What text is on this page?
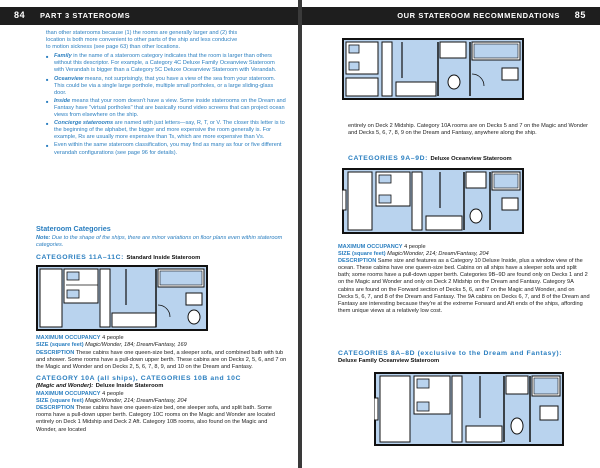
84 PART 3 STATEROOMS

than other staterooms because (1) the rooms are generally larger and (2) this

location is both more convenient to other parts of the ship and less conducive

to motion sickness (see page 63) than other locations.

■ Family in the name of a stateroom category indicates that the room is larger than others without this descriptor. For example, a Category 4C Deluxe Family Oceanview Stateroom with Verandah is bigger than a Category 5C Deluxe Oceanview Stateroom with Verandah.
■ Oceanview means, not surprisingly, that you have a view of the sea from your stateroom. This could be via a single large porthole, multiple small portholes, or a large sliding-glass door.
■ Inside means that your room doesn't have a view. Some inside staterooms on the Dream and Fantasy have "virtual portholes" that are basically round video screens that can project ocean views from elsewhere on the ship.
■ Concierge staterooms are named with just letters—say, R, T, or V. The closer this letter is to the beginning of the alphabet, the bigger and more expensive the room generally is. For example, Rs are usually more expensive than Ts, which are more expensive than Vs.
■ Even within the same stateroom classification, you may find as many as four or five different verandah configurations (see page 96 for details).
Stateroom Categories
Note: Due to the shape of the ships, there are minor variations on floor plans even within stateroom categories.
CATEGORIES 11A–11C: Standard Inside Stateroom

MAXIMUM OCCUPANCY 4 people

SIZE (square feet) Magic/Wonder, 184; Dream/Fantasy, 169

DESCRIPTION These cabins have one queen-size bed, a sleeper sofa, and combined bath with tub and shower. Some rooms have a pull-down upper berth. These cabins are on Decks 2, 5, 6, and 7 on the Magic and Wonder and on Decks 2, 5, 6, 7, 8, 9, and 10 on the Dream and Fantasy.

CATEGORY 10A (all ships), CATEGORIES 10B and 10C
(Magic and Wonder): Deluxe Inside Stateroom

MAXIMUM OCCUPANCY 4 people

SIZE (square feet) Magic/Wonder, 214; Dream/Fantasy, 204

DESCRIPTION These cabins have one queen-size bed, one sleeper sofa, and split bath. Some rooms have a pull-down upper berth. Category 10C rooms on the Magic and Wonder are located entirely on Deck 1 Midship and Deck 2 Aft. Category 10B rooms, also found on the Magic and Wonder, are located

OUR STATEROOM RECOMMENDATIONS 85

entirely on Deck 2 Midship. Category 10A rooms are on Decks 5 and 7 on the Magic and Wonder and Decks 5, 6, 7, 8, 9 on the Dream and Fantasy, anywhere along the ship.

CATEGORIES 9A–9D: Deluxe Oceanview Stateroom

MAXIMUM OCCUPANCY 4 people

SIZE (square feet) Magic/Wonder, 214; Dream/Fantasy, 204

DESCRIPTION Same size and features as a Category 10 Deluxe Inside, plus a window view of the ocean. These cabins have one queen-size bed. Cabins on all ships have a sleeper sofa and split bath; some rooms have a pull-down upper berth. Categories 9B–9D are found only on Decks 1 and 2 on the Magic and Wonder and only on Deck 2 Midship on the Dream and Fantasy. Category 9A cabins are found on the Forward section of Decks 5, 6, and 7 on the Magic and Wonder, and on Decks 5, 6, 7, and 8 of the Dream and Fantasy. The 9A cabins on Decks 6, 7, and 8 of the Dream and Fantasy are interesting because they're at the extreme Forward and Aft ends of the ships, affording them unique views at a relatively low cost.

CATEGORIES 8A–8D (exclusive to the Dream and Fantasy):
Deluxe Family Oceanview Stateroom
